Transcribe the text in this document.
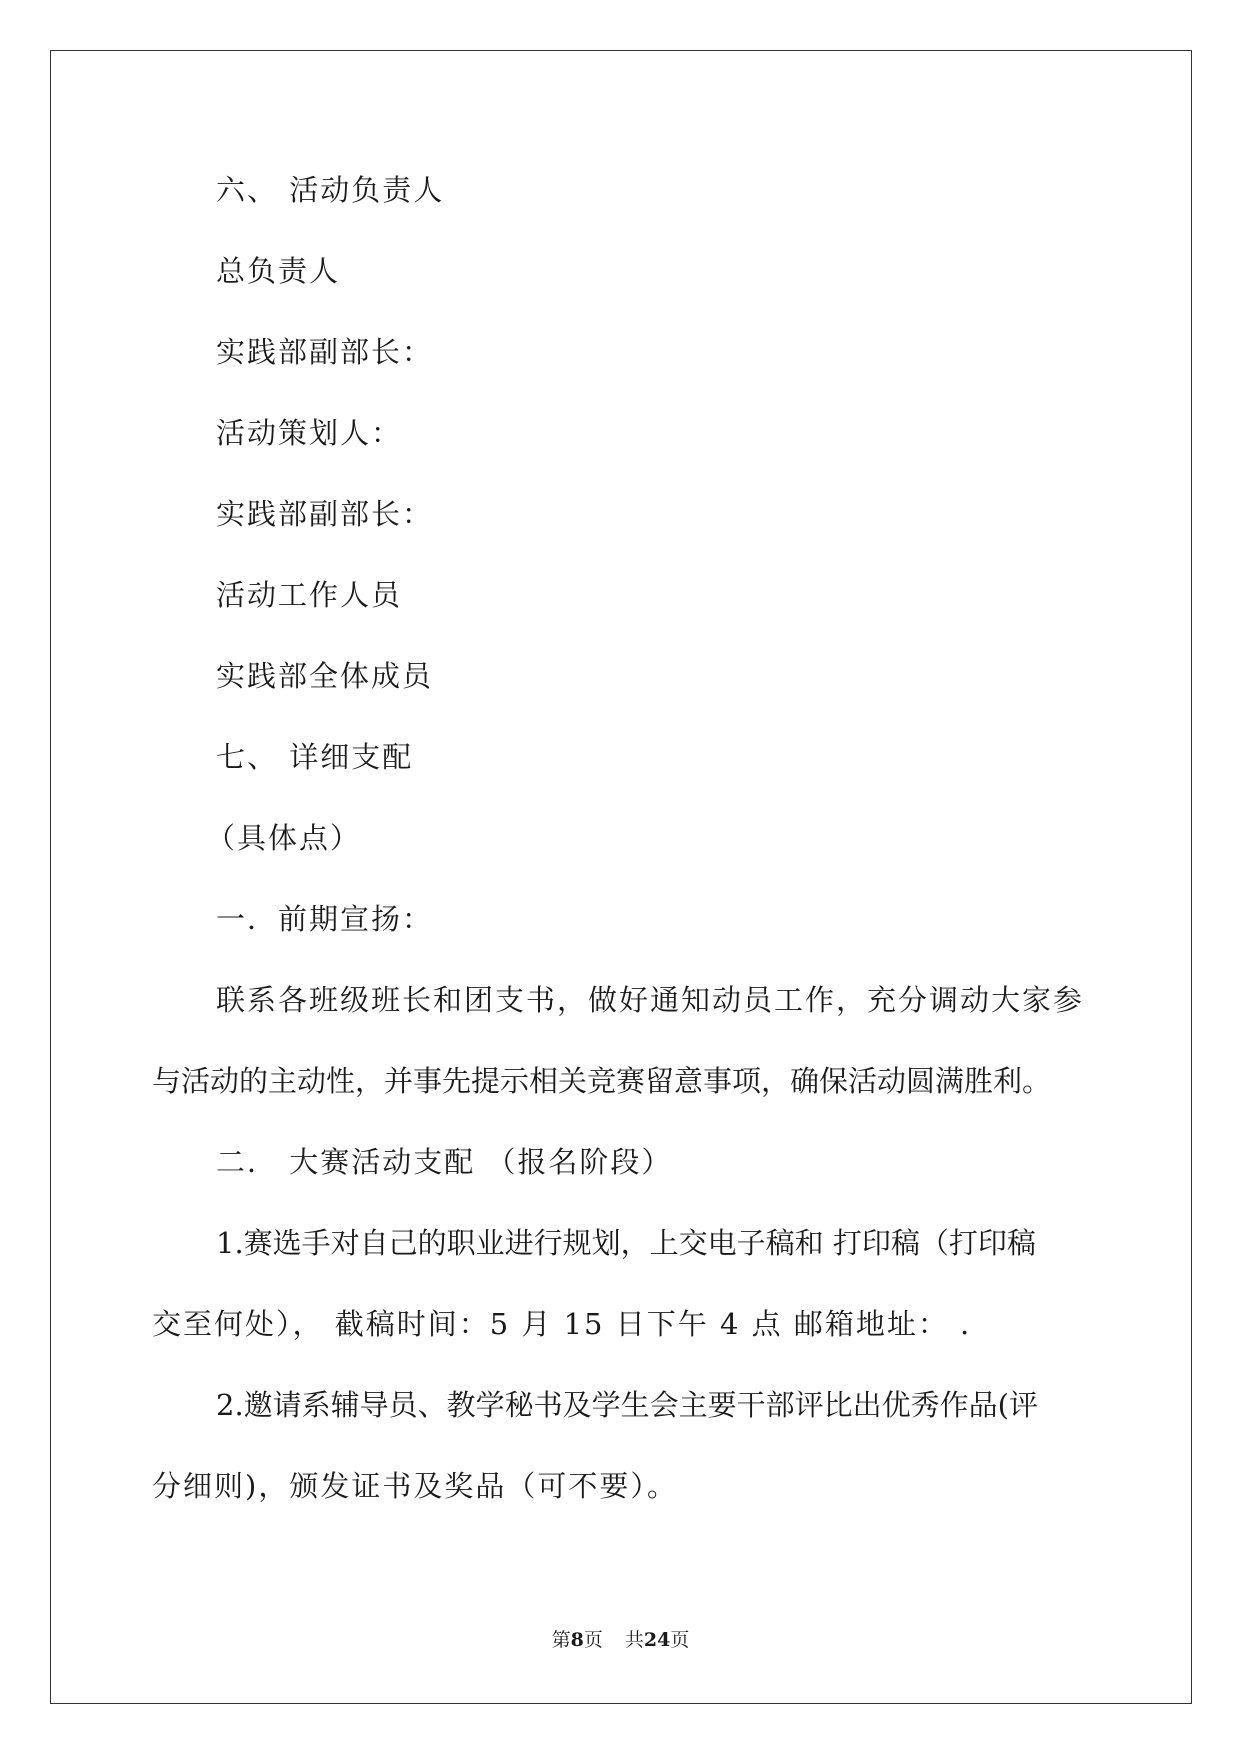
六、 活动负责人
总负责人
实践部副部长：
活动策划人：
实践部副部长：
活动工作人员
实践部全体成员
七、 详细支配
（具体点）
一．前期宣扬：
联系各班级班长和团支书，做好通知动员工作，充分调动大家参
与活动的主动性，并事先提示相关竞赛留意事项，确保活动圆满胜利。
二． 大赛活动支配 （报名阶段）
1.赛选手对自己的职业进行规划，上交电子稿和 打印稿（打印稿
交至何处）， 截稿时间：5 月 15 日下午 4 点 邮箱地址： .
2.邀请系辅导员、教学秘书及学生会主要干部评比出优秀作品(评
分细则)，颁发证书及奖品（可不要）。
第8页 共24页
